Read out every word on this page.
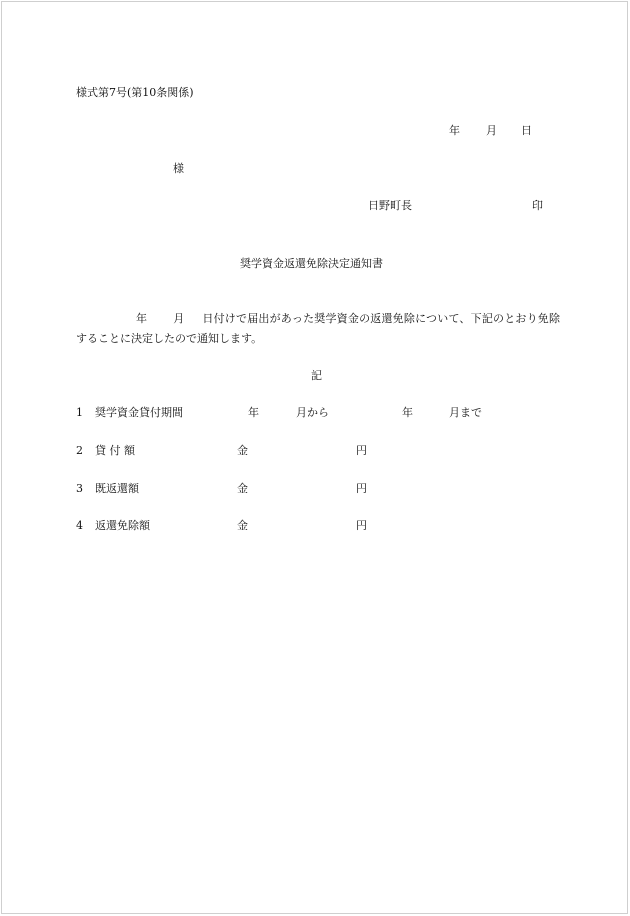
様式第7号(第10条関係)
年 月 日
様
日野町長	印
奨学資金返還免除決定通知書
年 月 日付けで届出があった奨学資金の返還免除について、下記のとおり免除することに決定したので通知します。
記
1 奨学資金貸付期間	年	月から	年	月まで
2 貸 付 額	金	円
3 既返還額	金	円
4 返還免除額	金	円
